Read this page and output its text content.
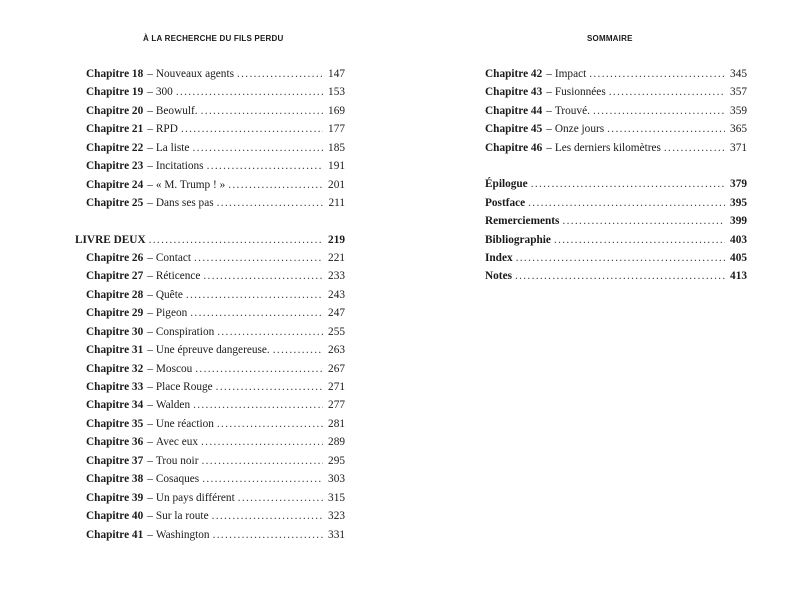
À LA RECHERCHE DU FILS PERDU
Chapitre 18 – Nouveaux agents . . .	147
Chapitre 19 – 300 . . .	153
Chapitre 20 – Beowulf. . . .	169
Chapitre 21 – RPD . . .	177
Chapitre 22 – La liste . . .	185
Chapitre 23 – Incitations . . .	191
Chapitre 24 – « M. Trump ! » . . .	201
Chapitre 25 – Dans ses pas . . .	211
LIVRE DEUX . . .	219
Chapitre 26 – Contact . . .	221
Chapitre 27 – Réticence . . .	233
Chapitre 28 – Quête . . .	243
Chapitre 29 – Pigeon . . .	247
Chapitre 30 – Conspiration . . .	255
Chapitre 31 – Une épreuve dangereuse. . . .	263
Chapitre 32 – Moscou . . .	267
Chapitre 33 – Place Rouge . . .	271
Chapitre 34 – Walden . . .	277
Chapitre 35 – Une réaction . . .	281
Chapitre 36 – Avec eux . . .	289
Chapitre 37 – Trou noir . . .	295
Chapitre 38 – Cosaques . . .	303
Chapitre 39 – Un pays différent . . .	315
Chapitre 40 – Sur la route . . .	323
Chapitre 41 – Washington . . .	331
SOMMAIRE
Chapitre 42 – Impact . . .	345
Chapitre 43 – Fusionnées . . .	357
Chapitre 44 – Trouvé. . . .	359
Chapitre 45 – Onze jours . . .	365
Chapitre 46 – Les derniers kilomètres . . .	371
Épilogue . . .	379
Postface . . .	395
Remerciements . . .	399
Bibliographie . . .	403
Index . . .	405
Notes . . .	413
